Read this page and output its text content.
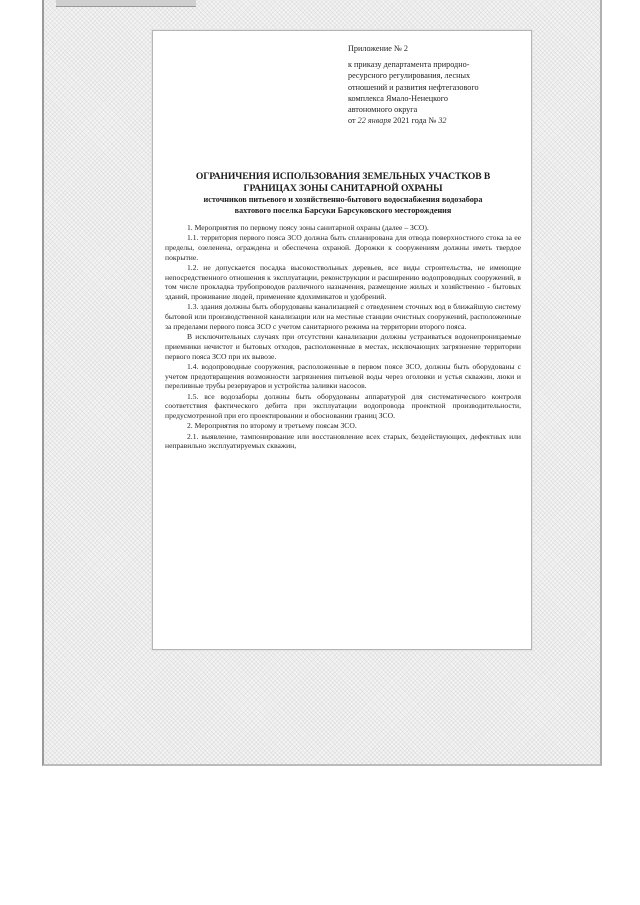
Приложение № 2
к приказу департамента природно-
ресурсного регулирования, лесных
отношений и развития нефтегазового
комплекса Ямало-Ненецкого
автономного округа
от 22 января 2021 года № 32
ОГРАНИЧЕНИЯ ИСПОЛЬЗОВАНИЯ ЗЕМЕЛЬНЫХ УЧАСТКОВ В
ГРАНИЦАХ ЗОНЫ САНИТАРНОЙ ОХРАНЫ
источников питьевого и хозяйственно-бытового водоснабжения водозабора
вахтового поселка Барсуки Барсуковского месторождения

1. Мероприятия по первому поясу зоны санитарной охраны (далее – ЗСО).

1.1. территория первого пояса ЗСО должна быть спланирована для отвода поверхностного стока за ее пределы, озеленена, ограждена и обеспечена охраной. Дорожки к сооружениям должны иметь твердое покрытие.

1.2. не допускается посадка высокоствольных деревьев, все виды строительства, не имеющие непосредственного отношения к эксплуатации, реконструкции и расширению водопроводных сооружений, в том числе прокладка трубопроводов различного назначения, размещение жилых и хозяйственно - бытовых зданий, проживание людей, применение ядохимикатов и удобрений.

1.3. здания должны быть оборудованы канализацией с отведением сточных вод в ближайшую систему бытовой или производственной канализации или на местные станции очистных сооружений, расположенные за пределами первого пояса ЗСО с учетом санитарного режима на территории второго пояса.

В исключительных случаях при отсутствии канализации должны устраиваться водонепроницаемые приемники нечистот и бытовых отходов, расположенные в местах, исключающих загрязнение территории первого пояса ЗСО при их вывозе.

1.4. водопроводные сооружения, расположенные в первом поясе ЗСО, должны быть оборудованы с учетом предотвращения возможности загрязнения питьевой воды через оголовки и устья скважин, люки и переливные трубы резервуаров и устройства заливки насосов.

1.5. все водозаборы должны быть оборудованы аппаратурой для систематического контроля соответствия фактического дебита при эксплуатации водопровода проектной производительности, предусмотренной при его проектировании и обосновании границ ЗСО.

2. Мероприятия по второму и третьему поясам ЗСО.

2.1. выявление, тампонирование или восстановление всех старых, бездействующих, дефектных или неправильно эксплуатируемых скважин,
